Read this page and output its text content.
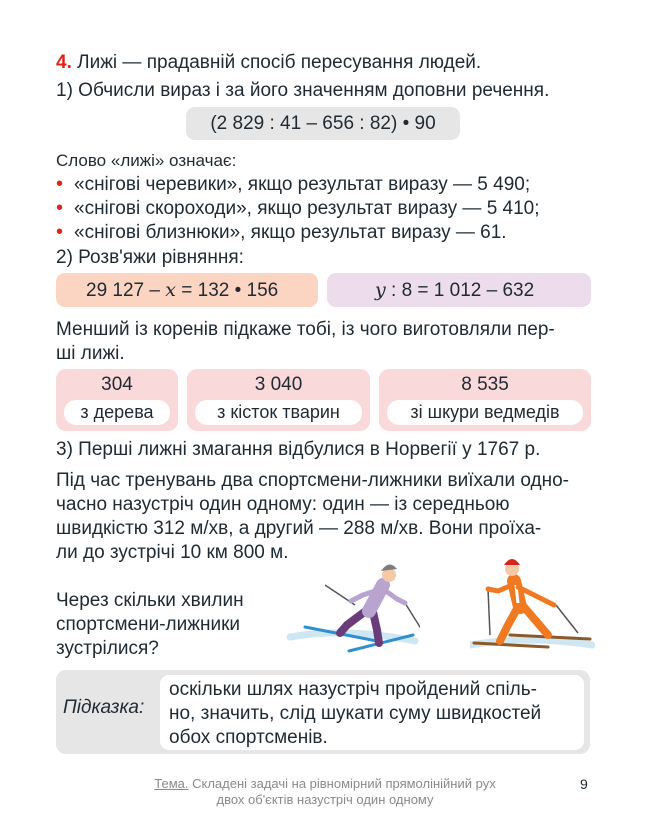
4. Лижі — прадавній спосіб пересування людей.
1) Обчисли вираз і за його значенням доповни речення.
(2 829 : 41 – 656 : 82) • 90
Слово «лижі» означає:
• «снігові черевики», якщо результат виразу — 5 490;
• «снігові скороходи», якщо результат виразу — 5 410;
• «снігові близнюки», якщо результат виразу — 61.
2) Розв'яжи рівняння:
29 127 – x = 132 • 156	y : 8 = 1 012 – 632
Менший із коренів підкаже тобі, із чого виготовляли пер-
ші лижі.
304
з дерева
3 040
з кісток тварин
8 535
зі шкури ведмедів
3) Перші лижні змагання відбулися в Норвегії у 1767 р.
Під час тренувань два спортсмени-лижники виїхали одно-
часно назустріч один одному: один — із середньою
швидкістю 312 м/хв, а другий — 288 м/хв. Вони проїха-
ли до зустрічі 10 км 800 м.
Через скільки хвилин
спортсмени-лижники
зустрілися?
Підказка:
оскільки шлях назустріч пройдений спіль-
но, значить, слід шукати суму швидкостей
обох спортсменів.
Тема. Складені задачі на рівномірний прямолінійний рух
двох об'єктів назустріч один одному
9
